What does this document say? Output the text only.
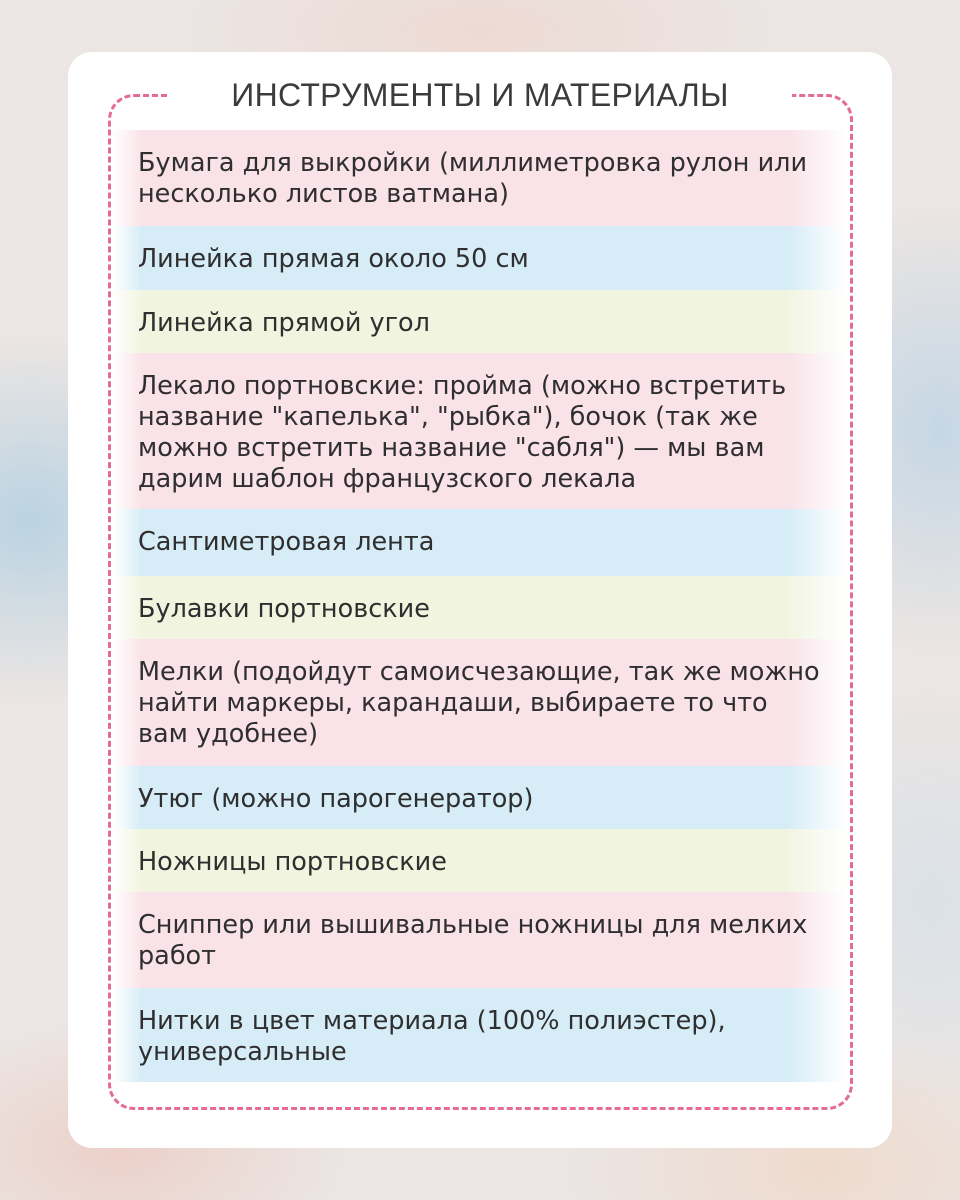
ИНСТРУМЕНТЫ И МАТЕРИАЛЫ
Бумага для выкройки (миллиметровка рулон или несколько листов ватмана)
Линейка прямая около 50 см
Линейка прямой угол
Лекало портновские: пройма (можно встретить название "капелька", "рыбка"), бочок (так же можно встретить название "сабля") — мы вам дарим шаблон французского лекала
Сантиметровая лента
Булавки портновские
Мелки (подойдут самоисчезающие, так же можно найти маркеры, карандаши, выбираете то что вам удобнее)
Утюг (можно парогенератор)
Ножницы портновские
Сниппер или вышивальные ножницы для мелких работ
Нитки в цвет материала (100% полиэстер), универсальные
